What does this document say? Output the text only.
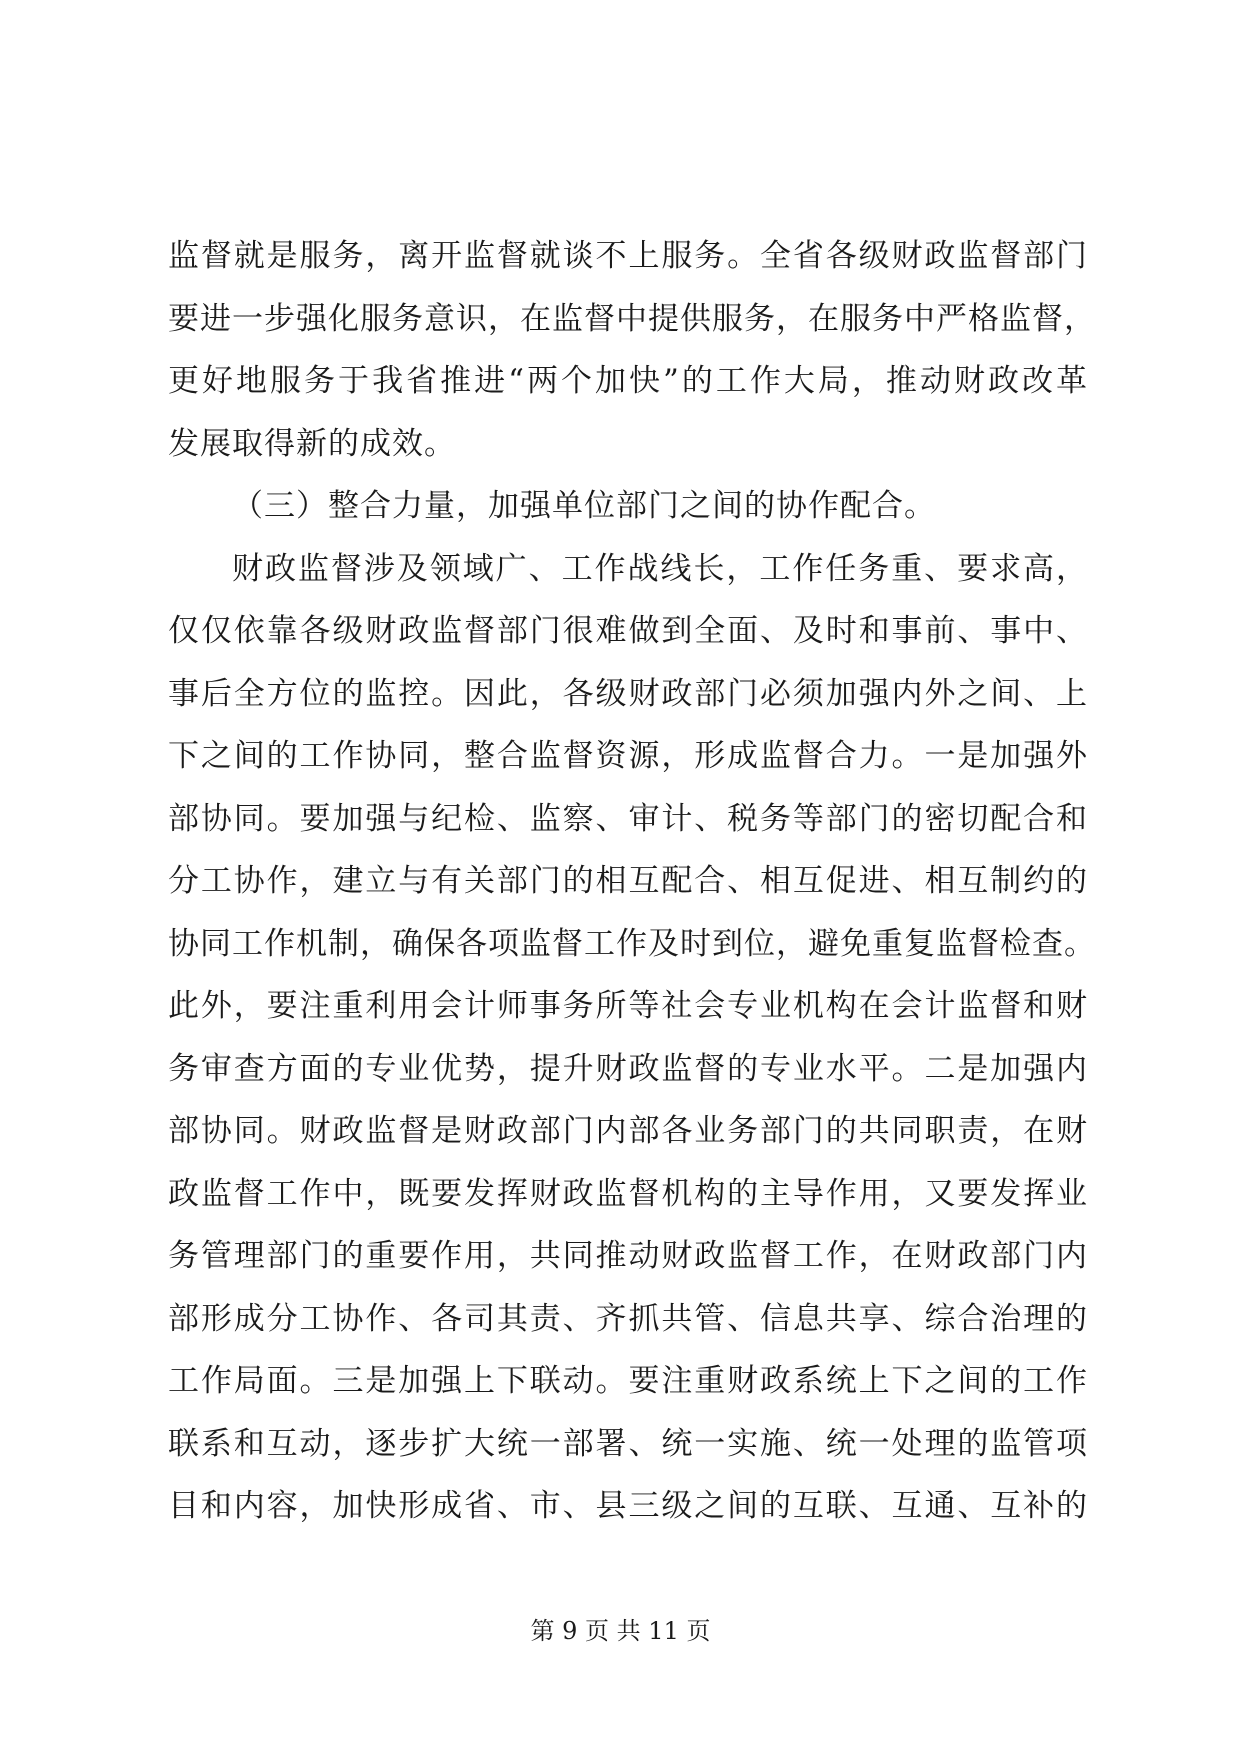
监督就是服务，离开监督就谈不上服务。全省各级财政监督部门
要进一步强化服务意识，在监督中提供服务，在服务中严格监督，
更好地服务于我省推进“两个加快”的工作大局，推动财政改革
发展取得新的成效。
（三）整合力量，加强单位部门之间的协作配合。
财政监督涉及领域广、工作战线长，工作任务重、要求高，
仅仅依靠各级财政监督部门很难做到全面、及时和事前、事中、
事后全方位的监控。因此，各级财政部门必须加强内外之间、上
下之间的工作协同，整合监督资源，形成监督合力。一是加强外
部协同。要加强与纪检、监察、审计、税务等部门的密切配合和
分工协作，建立与有关部门的相互配合、相互促进、相互制约的
协同工作机制，确保各项监督工作及时到位，避免重复监督检查。
此外，要注重利用会计师事务所等社会专业机构在会计监督和财
务审查方面的专业优势，提升财政监督的专业水平。二是加强内
部协同。财政监督是财政部门内部各业务部门的共同职责，在财
政监督工作中，既要发挥财政监督机构的主导作用，又要发挥业
务管理部门的重要作用，共同推动财政监督工作，在财政部门内
部形成分工协作、各司其责、齐抓共管、信息共享、综合治理的
工作局面。三是加强上下联动。要注重财政系统上下之间的工作
联系和互动，逐步扩大统一部署、统一实施、统一处理的监管项
目和内容，加快形成省、市、县三级之间的互联、互通、互补的
第 9 页 共 11 页
